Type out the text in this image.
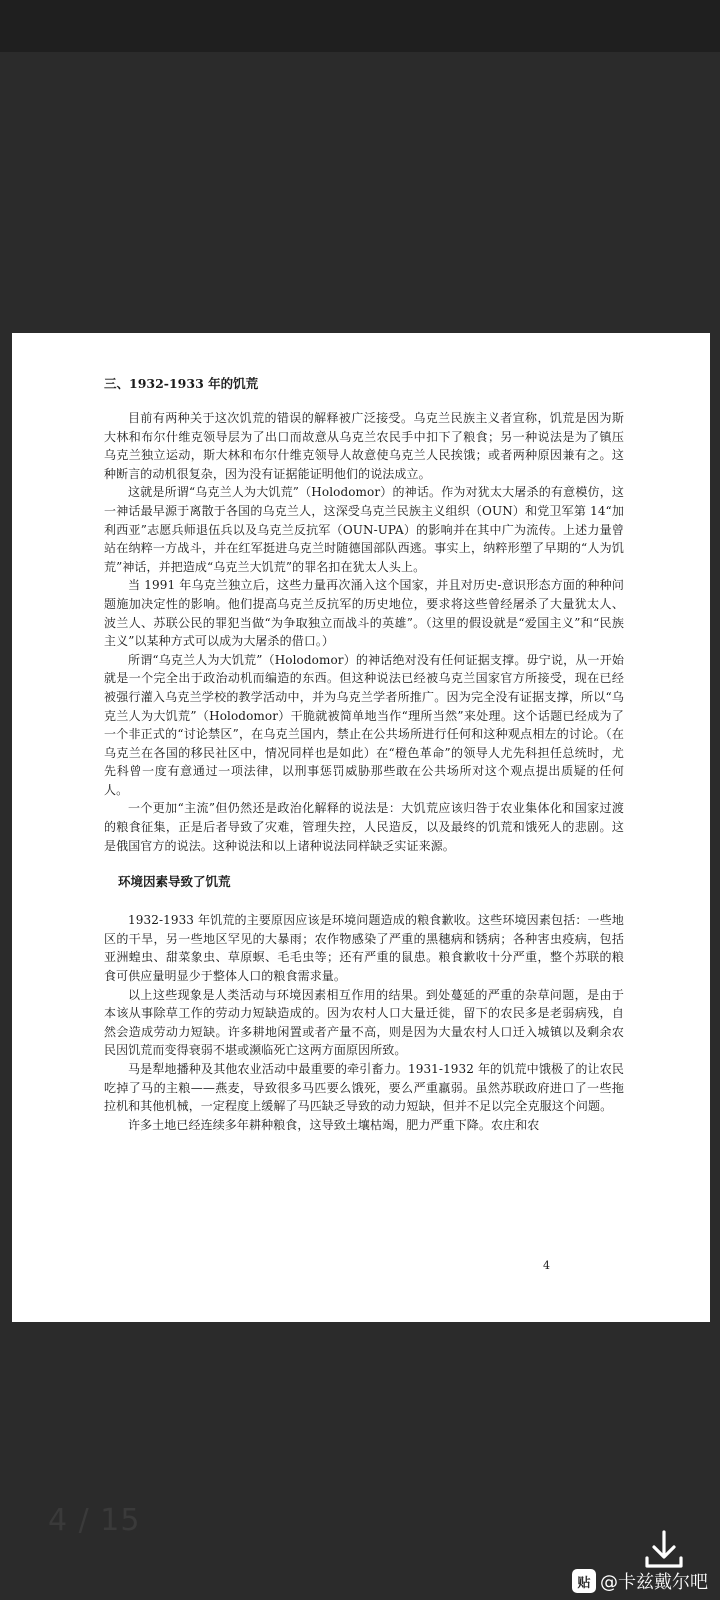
三、1932-1933 年的饥荒

目前有两种关于这次饥荒的错误的解释被广泛接受。乌克兰民族主义者宣称，饥荒是因为斯大林和布尔什维克领导层为了出口而故意从乌克兰农民手中扣下了粮食；另一种说法是为了镇压乌克兰独立运动，斯大林和布尔什维克领导人故意使乌克兰人民挨饿；或者两种原因兼有之。这种断言的动机很复杂，因为没有证据能证明他们的说法成立。

这就是所谓“乌克兰人为大饥荒”（Holodomor）的神话。作为对犹太大屠杀的有意模仿，这一神话最早源于离散于各国的乌克兰人，这深受乌克兰民族主义组织（OUN）和党卫军第 14“加利西亚”志愿兵师退伍兵以及乌克兰反抗军（OUN-UPA）的影响并在其中广为流传。上述力量曾站在纳粹一方战斗，并在红军挺进乌克兰时随德国部队西逃。事实上，纳粹形塑了早期的“人为饥荒”神话，并把造成“乌克兰大饥荒”的罪名扣在犹太人头上。

当 1991 年乌克兰独立后，这些力量再次涌入这个国家，并且对历史-意识形态方面的种种问题施加决定性的影响。他们提高乌克兰反抗军的历史地位，要求将这些曾经屠杀了大量犹太人、波兰人、苏联公民的罪犯当做“为争取独立而战斗的英雄”。（这里的假设就是“爱国主义”和“民族主义”以某种方式可以成为大屠杀的借口。）

所谓“乌克兰人为大饥荒”（Holodomor）的神话绝对没有任何证据支撑。毋宁说，从一开始就是一个完全出于政治动机而编造的东西。但这种说法已经被乌克兰国家官方所接受，现在已经被强行灌入乌克兰学校的教学活动中，并为乌克兰学者所推广。因为完全没有证据支撑，所以“乌克兰人为大饥荒”（Holodomor）干脆就被简单地当作“理所当然”来处理。这个话题已经成为了一个非正式的“讨论禁区”，在乌克兰国内，禁止在公共场所进行任何和这种观点相左的讨论。（在乌克兰在各国的移民社区中，情况同样也是如此）在“橙色革命”的领导人尤先科担任总统时，尤先科曾一度有意通过一项法律，以刑事惩罚威胁那些敢在公共场所对这个观点提出质疑的任何人。

一个更加“主流”但仍然还是政治化解释的说法是：大饥荒应该归咎于农业集体化和国家过渡的粮食征集，正是后者导致了灾难，管理失控，人民造反，以及最终的饥荒和饿死人的悲剧。这是俄国官方的说法。这种说法和以上诸种说法同样缺乏实证来源。

环境因素导致了饥荒

1932-1933 年饥荒的主要原因应该是环境问题造成的粮食歉收。这些环境因素包括：一些地区的干旱，另一些地区罕见的大暴雨；农作物感染了严重的黑穗病和锈病；各种害虫疫病，包括亚洲蝗虫、甜菜象虫、草原螟、毛毛虫等；还有严重的鼠患。粮食歉收十分严重，整个苏联的粮食可供应量明显少于整体人口的粮食需求量。

以上这些现象是人类活动与环境因素相互作用的结果。到处蔓延的严重的杂草问题，是由于本该从事除草工作的劳动力短缺造成的。因为农村人口大量迁徙，留下的农民多是老弱病残，自然会造成劳动力短缺。许多耕地闲置或者产量不高，则是因为大量农村人口迁入城镇以及剩余农民因饥荒而变得衰弱不堪或濒临死亡这两方面原因所致。

马是犁地播种及其他农业活动中最重要的牵引畜力。1931-1932 年的饥荒中饿极了的让农民吃掉了马的主粮——燕麦，导致很多马匹要么饿死，要么严重羸弱。虽然苏联政府进口了一些拖拉机和其他机械，一定程度上缓解了马匹缺乏导致的动力短缺，但并不足以完全克服这个问题。

许多土地已经连续多年耕种粮食，这导致土壤枯竭，肥力严重下降。农庄和农

4
4 / 15
贴 @卡兹戴尔吧
